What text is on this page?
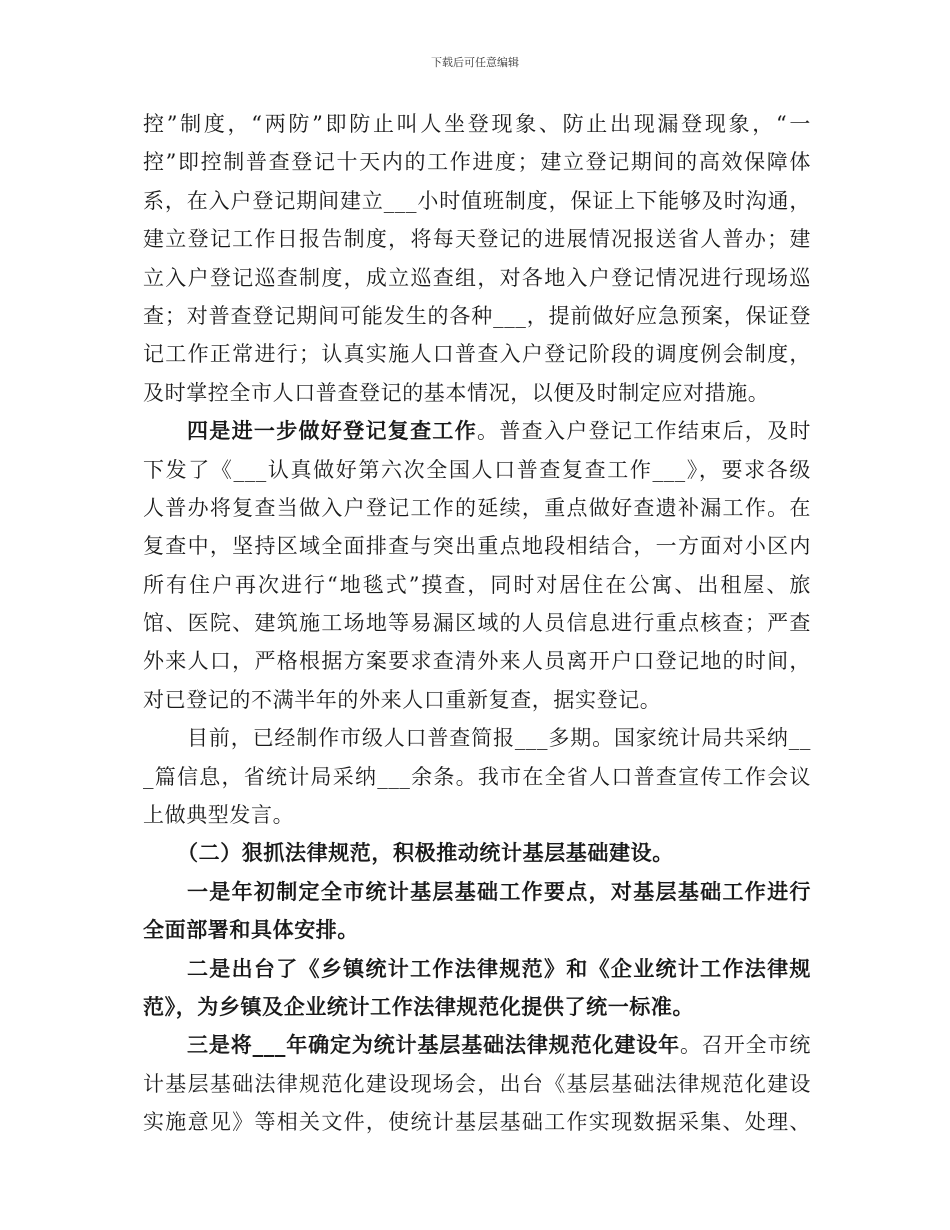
下载后可任意编辑
控”制度，“两防”即防止叫人坐登现象、防止出现漏登现象，“一
控”即控制普查登记十天内的工作进度；建立登记期间的高效保障体
系，在入户登记期间建立___小时值班制度，保证上下能够及时沟通，
建立登记工作日报告制度，将每天登记的进展情况报送省人普办；建
立入户登记巡查制度，成立巡查组，对各地入户登记情况进行现场巡
查；对普查登记期间可能发生的各种___，提前做好应急预案，保证登
记工作正常进行；认真实施人口普查入户登记阶段的调度例会制度，
及时掌控全市人口普查登记的基本情况，以便及时制定应对措施。
四是进一步做好登记复查工作。普查入户登记工作结束后，及时
下发了《___认真做好第六次全国人口普查复查工作___》，要求各级
人普办将复查当做入户登记工作的延续，重点做好查遗补漏工作。在
复查中，坚持区域全面排查与突出重点地段相结合，一方面对小区内
所有住户再次进行“地毯式”摸查，同时对居住在公寓、出租屋、旅
馆、医院、建筑施工场地等易漏区域的人员信息进行重点核查；严查
外来人口，严格根据方案要求查清外来人员离开户口登记地的时间，
对已登记的不满半年的外来人口重新复查，据实登记。
目前，已经制作市级人口普查简报___多期。国家统计局共采纳__
_篇信息，省统计局采纳___余条。我市在全省人口普查宣传工作会议
上做典型发言。
（二）狠抓法律规范，积极推动统计基层基础建设。
一是年初制定全市统计基层基础工作要点，对基层基础工作进行
全面部署和具体安排。
二是出台了《乡镇统计工作法律规范》和《企业统计工作法律规
范》，为乡镇及企业统计工作法律规范化提供了统一标准。
三是将___年确定为统计基层基础法律规范化建设年。召开全市统
计基层基础法律规范化建设现场会，出台《基层基础法律规范化建设
实施意见》等相关文件，使统计基层基础工作实现数据采集、处理、
